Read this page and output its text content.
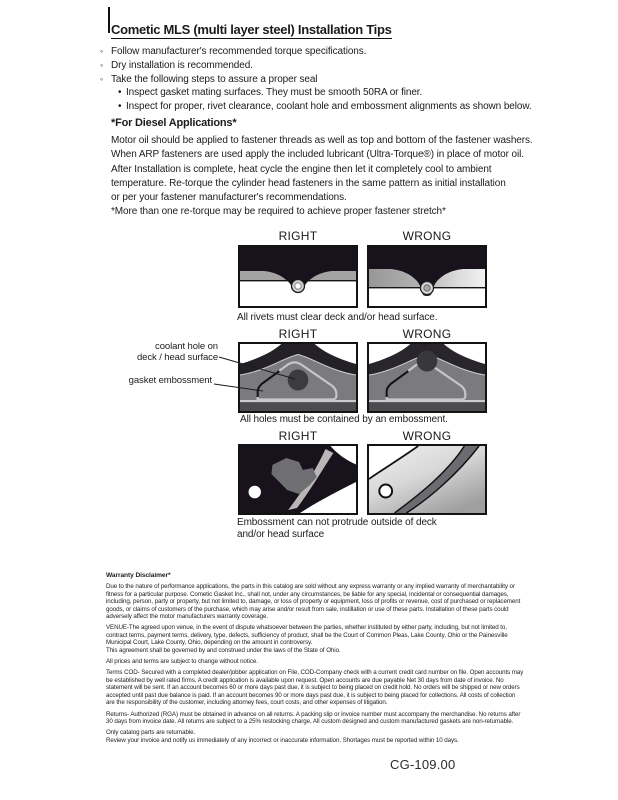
Cometic MLS (multi layer steel) Installation Tips
◦ Follow manufacturer's recommended torque specifications.
◦ Dry installation is recommended.
◦ Take the following steps to assure a proper seal
• Inspect gasket mating surfaces. They must be smooth 50RA or finer.
• Inspect for proper, rivet clearance, coolant hole and embossment alignments as shown below.
*For Diesel Applications*
Motor oil should be applied to fastener threads as well as top and bottom of the fastener washers.
When ARP fasteners are used apply the included lubricant (Ultra-Torque®) in place of motor oil.
After Installation is complete, heat cycle the engine then let it completely cool to ambient
temperature. Re-torque the cylinder head fasteners in the same pattern as initial installation
or per your fastener manufacturer's recommendations.
*More than one re-torque may be required to achieve proper fastener stretch*
RIGHT	WRONG
All rivets must clear deck and/or head surface.
RIGHT	WRONG
coolant hole on
deck / head surface
gasket embossment
All holes must be contained by an embossment.
RIGHT	WRONG
Embossment can not protrude outside of deck
and/or head surface
Warranty Disclaimer*

Due to the nature of performance applications, the parts in this catalog are sold without any express warranty or any implied warranty of merchantability or
fitness for a particular purpose. Cometic Gasket Inc., shall not, under any circumstances, be liable for any special, incidental or consequential damages,
including, person, party or property, but not limited to, damage, or loss of property or equipment, loss of profits or revenue, cost of purchased or replacement
goods, or claims of customers of the purchase, which may arise and/or result from sale, instillation or use of these parts. Installation of these parts could
adversely affect the motor manufacturers warranty coverage.

VENUE-The agreed upon venue, in the event of dispute whatsoever between the parties, whether instituted by either party, including, but not limited to,
contract terms, payment terms, delivery, type, defects, sufficiency of product, shall be the Court of Common Pleas, Lake County, Ohio or the Painesville
Municipal Court, Lake County, Ohio, depending on the amount in controversy.
This agreement shall be governed by and construed under the laws of the State of Ohio.

All prices and terms are subject to change without notice.

Terms COD- Secured with a completed dealer/jobber application on File, COD-Company check with a current credit card number on file. Open accounts may
be established by well rated firms. A credit application is available upon request. Open accounts are due payable Net 30 days from date of invoice. No
statement will be sent. If an account becomes 60 or more days past due, it is subject to being placed on credit hold. No orders will be shipped or new orders
accepted until past due balance is paid. If an account becomes 90 or more days past due, it is subject to being placed for collections. All costs of collection
are the responsibility of the customer, including attorney fees, court costs, and other expenses of litigation.

Returns- Authorized (RGA) must be obtained in advance on all returns. A packing slip or invoice number must accompany the merchandise. No returns after
30 days from invoice date. All returns are subject to a 25% restocking charge. All custom designed and custom manufactured gaskets are non-returnable.

Only catalog parts are returnable.
Review your invoice and notify us immediately of any incorrect or inaccurate information. Shortages must be reported within 10 days.

CG-109.00
